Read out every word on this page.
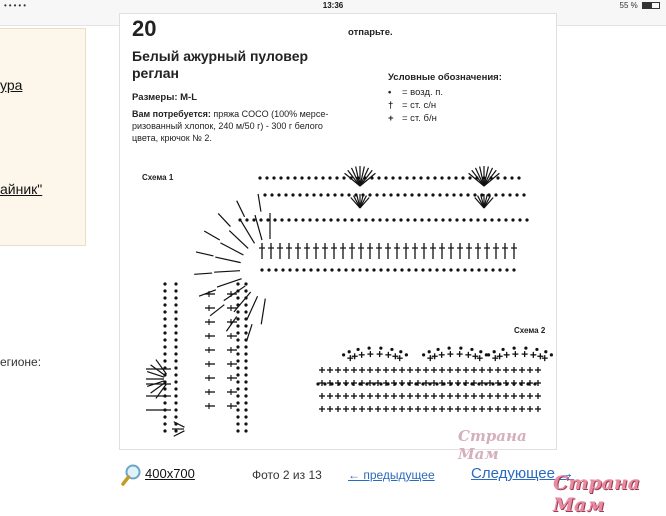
•••••	13:36	55 %
ура
айник"
егионе:
20	отпарьте.
Белый ажурный пуловер
реглан
Размеры: M-L
Вам потребуется: пряжа COCO (100% мерсе-
ризованный хлопок, 240 м/50 г) - 300 г белого
цвета, крючок № 2.
Условные обозначения:
•	= возд. п.
† = ст. с/н
+ = ст. б/н
Схема 1
Схема 2
Страна Мам
400x700	Фото 2 из 13 ← предыдущее Следующее →
Страна Мам
